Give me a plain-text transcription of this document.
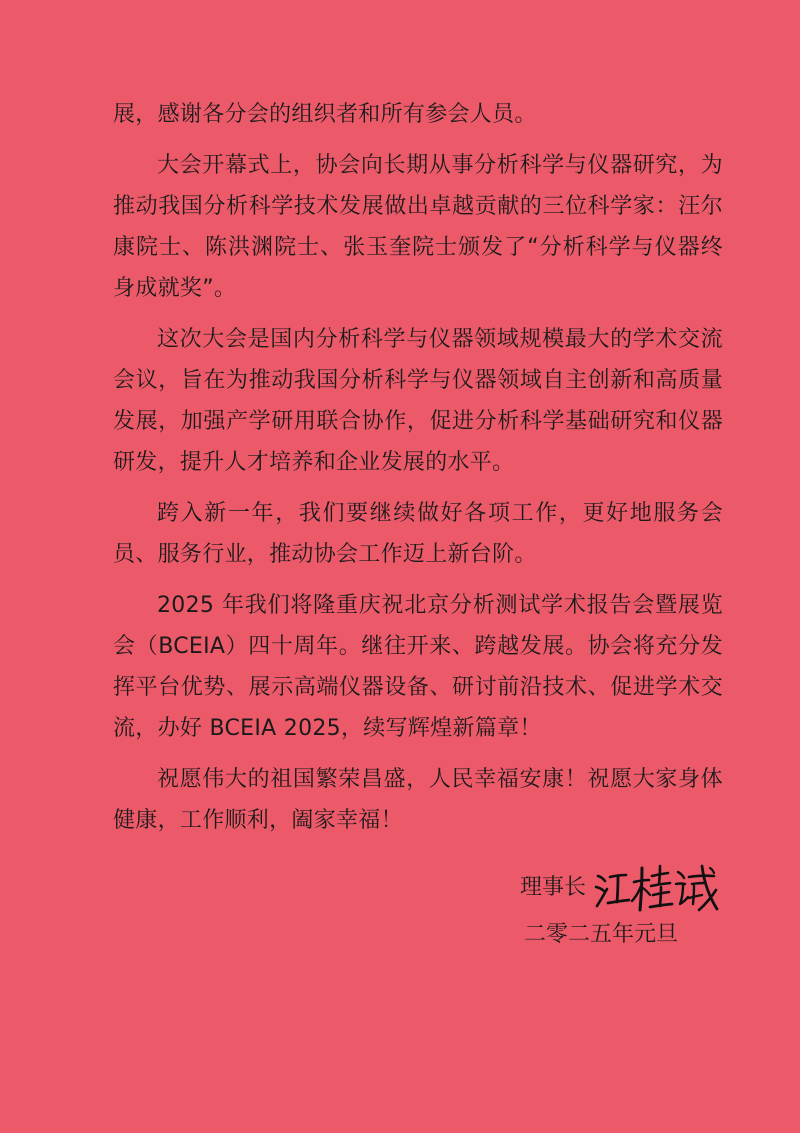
展，感谢各分会的组织者和所有参会人员。

大会开幕式上，协会向长期从事分析科学与仪器研究，为推动我国分析科学技术发展做出卓越贡献的三位科学家：汪尔康院士、陈洪渊院士、张玉奎院士颁发了“分析科学与仪器终身成就奖”。

这次大会是国内分析科学与仪器领域规模最大的学术交流会议，旨在为推动我国分析科学与仪器领域自主创新和高质量发展，加强产学研用联合协作，促进分析科学基础研究和仪器研发，提升人才培养和企业发展的水平。

跨入新一年，我们要继续做好各项工作，更好地服务会员、服务行业，推动协会工作迈上新台阶。

2025 年我们将隆重庆祝北京分析测试学术报告会暨展览会（BCEIA）四十周年。继往开来、跨越发展。协会将充分发挥平台优势、展示高端仪器设备、研讨前沿技术、促进学术交流，办好 BCEIA 2025，续写辉煌新篇章！

祝愿伟大的祖国繁荣昌盛，人民幸福安康！祝愿大家身体健康，工作顺利，阖家幸福！

理事长
二零二五年元旦
